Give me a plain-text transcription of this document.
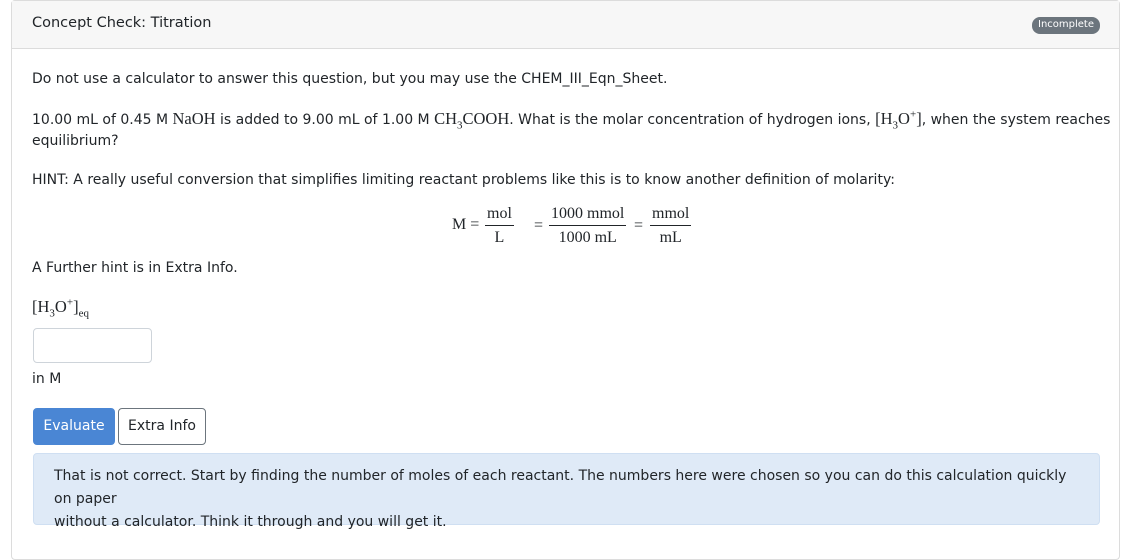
Concept Check: Titration	Incomplete
Do not use a calculator to answer this question, but you may use the CHEM_III_Eqn_Sheet.
10.00 mL of 0.45 M NaOH is added to 9.00 mL of 1.00 M $CH_3COOH$. What is the molar concentration of hydrogen ions, $[H_3O^+]$, when the system reaches
equilibrium?
HINT: A really useful conversion that simplifies limiting reactant problems like this is to know another definition of molarity:
M =
mol
L
=
1000 mmol
1000 mL
=
mmol
mL
A Further hint is in Extra Info.
$[H_3O^+]_{eq}$
in M
Evaluate	Extra Info
That is not correct. Start by finding the number of moles of each reactant. The numbers here were chosen so you can do this calculation quickly on paper
without a calculator. Think it through and you will get it.
